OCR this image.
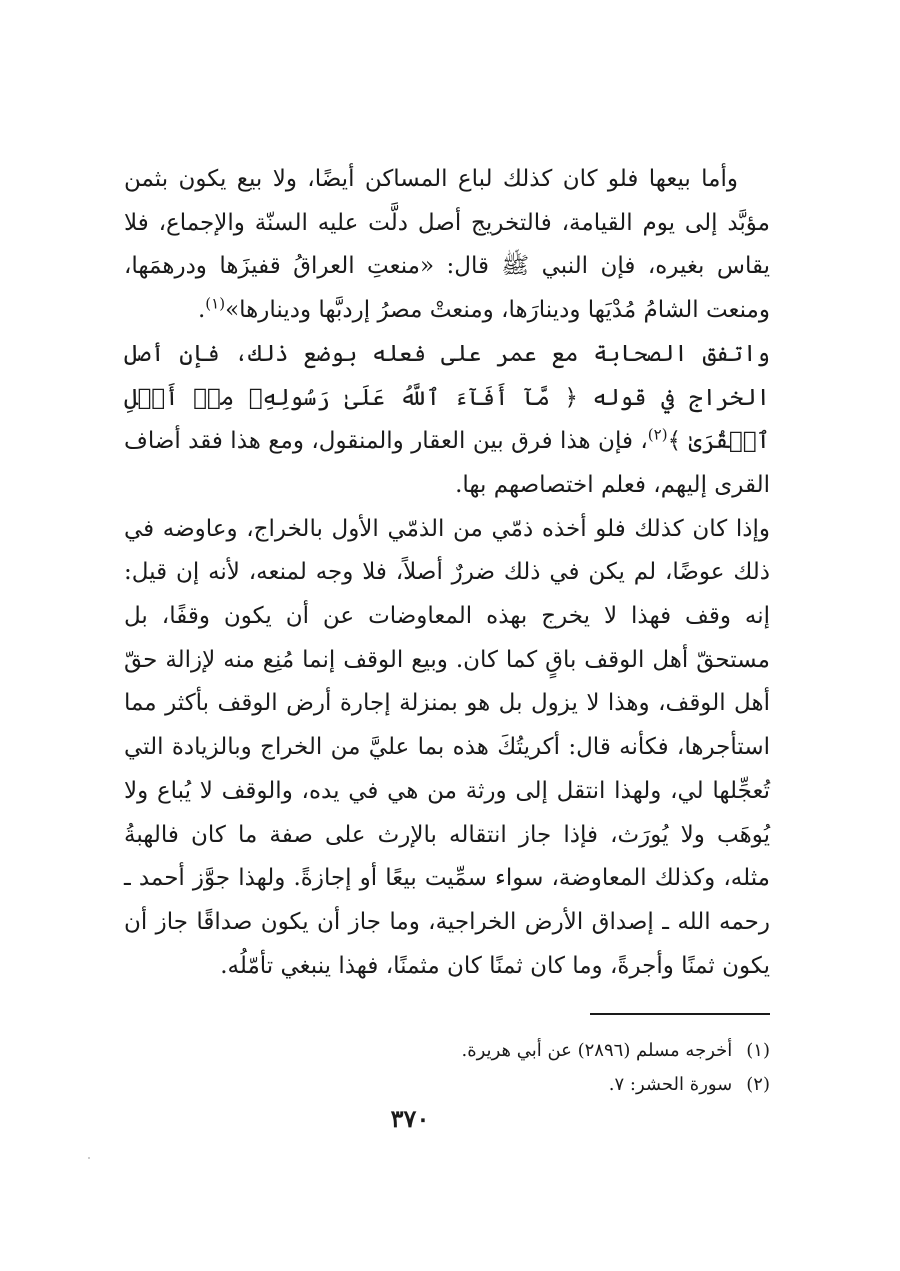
وأما بيعها فلو كان كذلك لباع المساكن أيضًا، ولا بيع يكون بثمن مؤبَّد إلى يوم القيامة، فالتخريج أصل دلَّت عليه السنّة والإجماع، فلا يقاس بغيره، فإن النبي ﷺ قال: «منعتِ العراقُ قفيزَها ودرهمَها، ومنعت الشامُ مُدْيَها ودينارَها، ومنعتْ مصرُ إردبَّها ودينارها»$^{(١)}$.

واتفق الصحابة مع عمر على فعله بوضع ذلك، فإن أصل الخراج في قوله ﴿ مَّآ أَفَآءَ ٱللَّهُ عَلَىٰ رَسُولِهِۦ مِنۡ أَهۡلِ ٱلۡقُرَىٰ ﴾$^{(٢)}$، فإن هذا فرق بين العقار والمنقول، ومع هذا فقد أضاف القرى إليهم، فعلم اختصاصهم بها.

وإذا كان كذلك فلو أخذه ذمّي من الذمّي الأول بالخراج، وعاوضه في ذلك عوضًا، لم يكن في ذلك ضررٌ أصلاً، فلا وجه لمنعه، لأنه إن قيل: إنه وقف فهذا لا يخرج بهذه المعاوضات عن أن يكون وقفًا، بل مستحقّ أهل الوقف باقٍ كما كان. وبيع الوقف إنما مُنِع منه لإزالة حقّ أهل الوقف، وهذا لا يزول بل هو بمنزلة إجارة أرض الوقف بأكثر مما استأجرها، فكأنه قال: أكريتُكَ هذه بما عليَّ من الخراج وبالزيادة التي تُعجِّلها لي، ولهذا انتقل إلى ورثة من هي في يده، والوقف لا يُباع ولا يُوهَب ولا يُورَث، فإذا جاز انتقاله بالإرث على صفة ما كان فالهبةُ مثله، وكذلك المعاوضة، سواء سمِّيت بيعًا أو إجازةً. ولهذا جوَّز أحمد ـ رحمه الله ـ إصداق الأرض الخراجية، وما جاز أن يكون صداقًا جاز أن يكون ثمنًا وأجرةً، وما كان ثمنًا كان مثمنًا، فهذا ينبغي تأمّلُه.

(١)أخرجه مسلم (٢٨٩٦) عن أبي هريرة.
(٢)سورة الحشر: ٧.
٣٧٠
